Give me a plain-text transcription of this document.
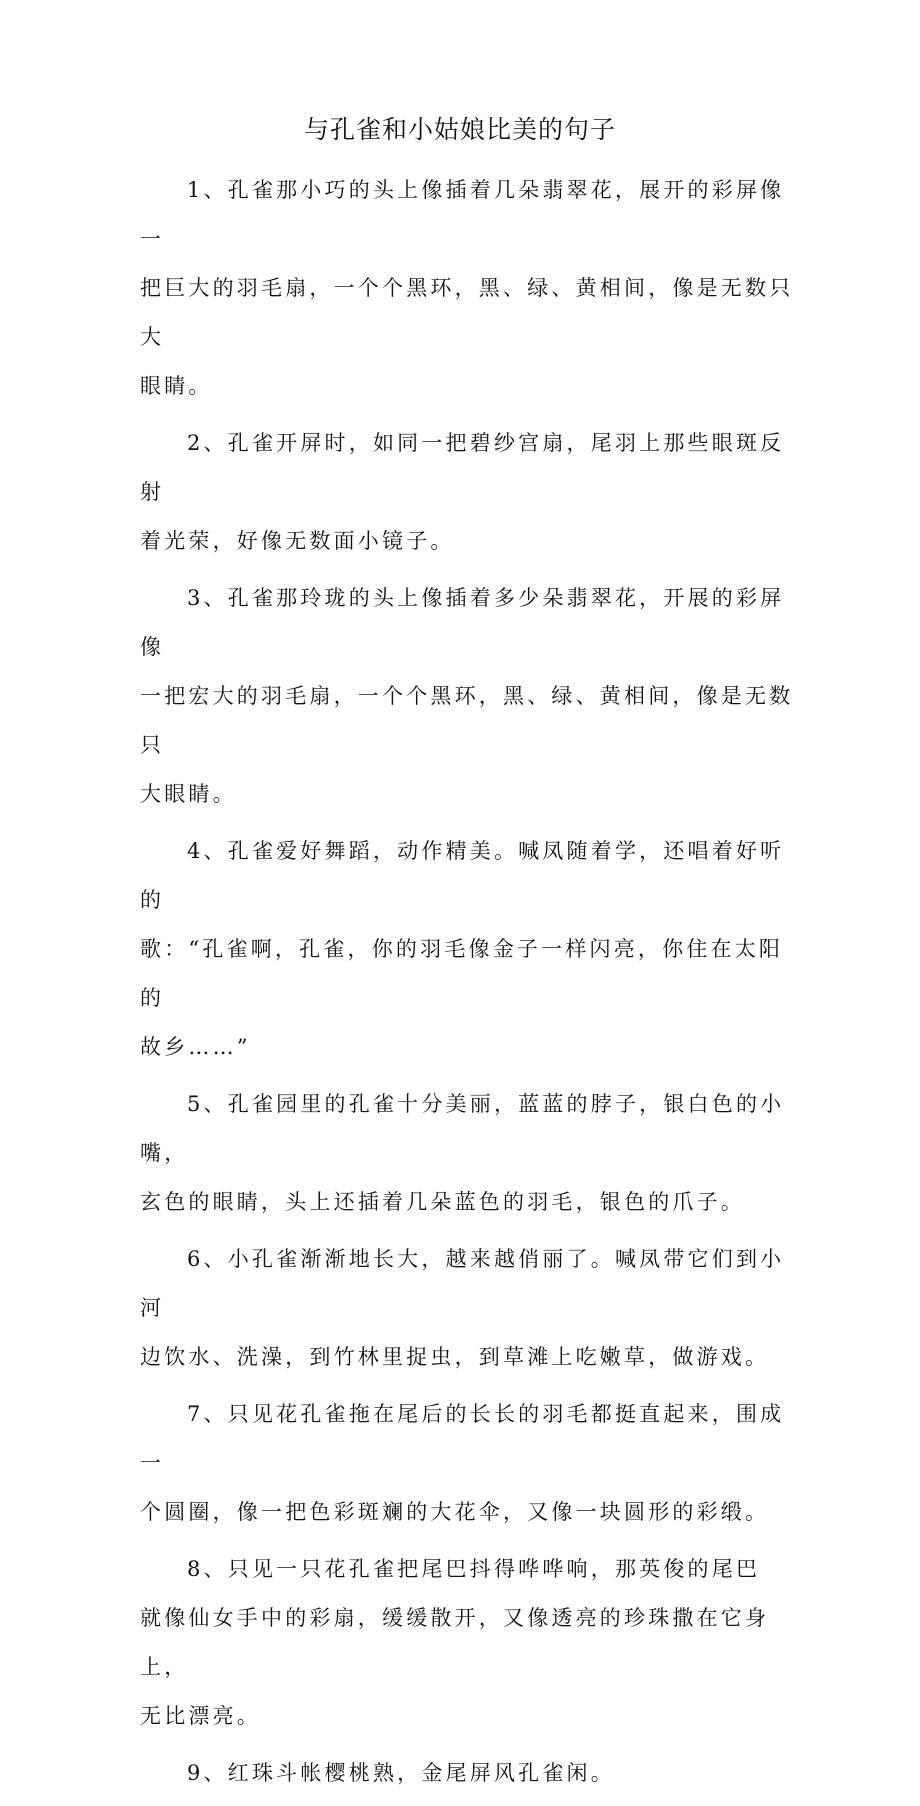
与孔雀和小姑娘比美的句子

1、孔雀那小巧的头上像插着几朵翡翠花，展开的彩屏像一
把巨大的羽毛扇，一个个黑环，黑、绿、黄相间，像是无数只大
眼睛。

2、孔雀开屏时，如同一把碧纱宫扇，尾羽上那些眼斑反射
着光荣，好像无数面小镜子。

3、孔雀那玲珑的头上像插着多少朵翡翠花，开展的彩屏像
一把宏大的羽毛扇，一个个黑环，黑、绿、黄相间，像是无数只
大眼睛。

4、孔雀爱好舞蹈，动作精美。喊凤随着学，还唱着好听的
歌：“孔雀啊，孔雀，你的羽毛像金子一样闪亮，你住在太阳的
故乡……”

5、孔雀园里的孔雀十分美丽，蓝蓝的脖子，银白色的小嘴，
玄色的眼睛，头上还插着几朵蓝色的羽毛，银色的爪子。

6、小孔雀渐渐地长大，越来越俏丽了。喊凤带它们到小河
边饮水、洗澡，到竹林里捉虫，到草滩上吃嫩草，做游戏。

7、只见花孔雀拖在尾后的长长的羽毛都挺直起来，围成一
个圆圈，像一把色彩斑斓的大花伞，又像一块圆形的彩缎。

8、只见一只花孔雀把尾巴抖得哗哗响，那英俊的尾巴
就像仙女手中的彩扇，缓缓散开，又像透亮的珍珠撒在它身上，
无比漂亮。

9、红珠斗帐樱桃熟，金尾屏风孔雀闲。
